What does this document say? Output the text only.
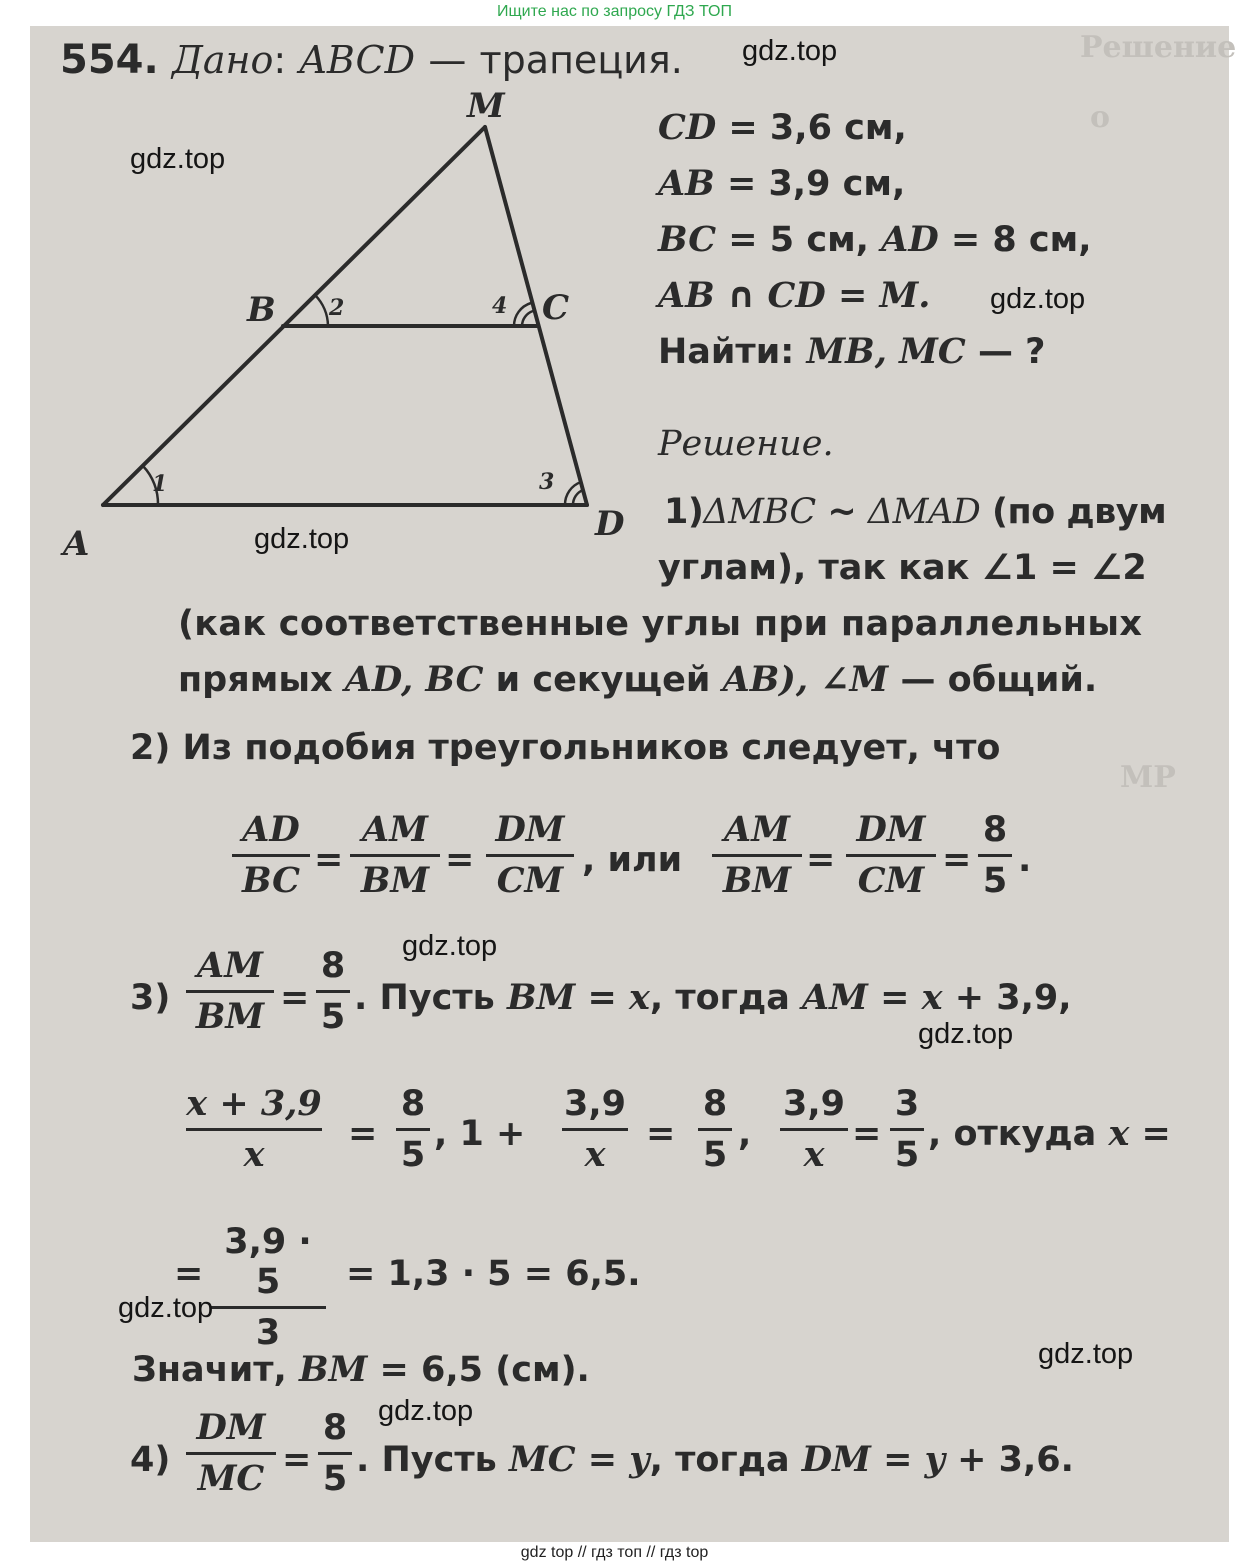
Ищите нас по запросу ГДЗ ТОП
Решение
о
МР
554. Дано: ABCD — трапеция.
M
B	C
A	D
1
2
3
4
CD = 3,6 см,
AB = 3,9 см,
BC = 5 см, AD = 8 см,
AB ∩ CD = M.
Найти: MB, MC — ?
Решение.
1)ΔMBC ~ ΔMAD (по двум
углам), так как ∠1 = ∠2
(как соответственные углы при параллельных
прямых AD, BC и секущей AB), ∠M — общий.
2) Из подобия треугольников следует, что
$\frac{AD}{BC} = \frac{AM}{BM} = \frac{DM}{CM}$ , или $\frac{AM}{BM} = \frac{DM}{CM} = \frac{8}{5}$ .
$3) \frac{AM}{BM} = \frac{8}{5}$ . Пусть BM = x, тогда AM = x + 3,9,
$\frac{x + 3,9}{x} = \frac{8}{5}$ , $1 + \frac{3,9}{x} = \frac{8}{5}$ , $\frac{3,9}{x} = \frac{3}{5}$ , откуда x =
= $\frac{3,9 \cdot 5}{3} = 1,3 \cdot 5 = 6,5$.
Значит, BM = 6,5 (см).
$4) \frac{DM}{MC} = \frac{8}{5}$ . Пусть MC = y, тогда DM = y + 3,6.
gdz.top
gdz.top
gdz.top
gdz.top
gdz.top
gdz.top
gdz.top
gdz.top
gdz.top
gdz top // гдз топ // гдз top
